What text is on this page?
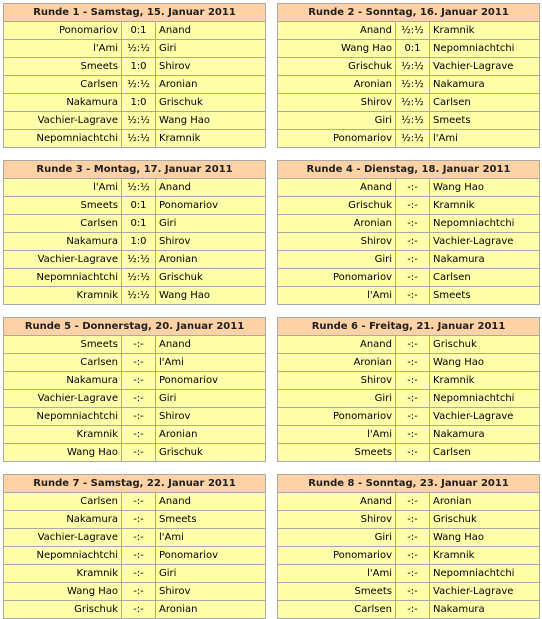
Runde 1 - Samstag, 15. Januar 2011		
Ponomariov	0:1	Anand
l'Ami	½:½	Giri
Smeets	1:0	Shirov
Carlsen	½:½	Aronian
Nakamura	1:0	Grischuk
Vachier-Lagrave	½:½	Wang Hao
Nepomniachtchi	½:½	Kramnik
Runde 2 - Sonntag, 16. Januar 2011		
Anand	½:½	Kramnik
Wang Hao	0:1	Nepomniachtchi
Grischuk	½:½	Vachier-Lagrave
Aronian	½:½	Nakamura
Shirov	½:½	Carlsen
Giri	½:½	Smeets
Ponomariov	½:½	l'Ami
Runde 3 - Montag, 17. Januar 2011		
l'Ami	½:½	Anand
Smeets	0:1	Ponomariov
Carlsen	0:1	Giri
Nakamura	1:0	Shirov
Vachier-Lagrave	½:½	Aronian
Nepomniachtchi	½:½	Grischuk
Kramnik	½:½	Wang Hao
Runde 4 - Dienstag, 18. Januar 2011		
Anand	-:-	Wang Hao
Grischuk	-:-	Kramnik
Aronian	-:-	Nepomniachtchi
Shirov	-:-	Vachier-Lagrave
Giri	-:-	Nakamura
Ponomariov	-:-	Carlsen
l'Ami	-:-	Smeets
Runde 5 - Donnerstag, 20. Januar 2011		
Smeets	-:-	Anand
Carlsen	-:-	l'Ami
Nakamura	-:-	Ponomariov
Vachier-Lagrave	-:-	Giri
Nepomniachtchi	-:-	Shirov
Kramnik	-:-	Aronian
Wang Hao	-:-	Grischuk
Runde 6 - Freitag, 21. Januar 2011		
Anand	-:-	Grischuk
Aronian	-:-	Wang Hao
Shirov	-:-	Kramnik
Giri	-:-	Nepomniachtchi
Ponomariov	-:-	Vachier-Lagrave
l'Ami	-:-	Nakamura
Smeets	-:-	Carlsen
Runde 7 - Samstag, 22. Januar 2011		
Carlsen	-:-	Anand
Nakamura	-:-	Smeets
Vachier-Lagrave	-:-	l'Ami
Nepomniachtchi	-:-	Ponomariov
Kramnik	-:-	Giri
Wang Hao	-:-	Shirov
Grischuk	-:-	Aronian
Runde 8 - Sonntag, 23. Januar 2011		
Anand	-:-	Aronian
Shirov	-:-	Grischuk
Giri	-:-	Wang Hao
Ponomariov	-:-	Kramnik
l'Ami	-:-	Nepomniachtchi
Smeets	-:-	Vachier-Lagrave
Carlsen	-:-	Nakamura
